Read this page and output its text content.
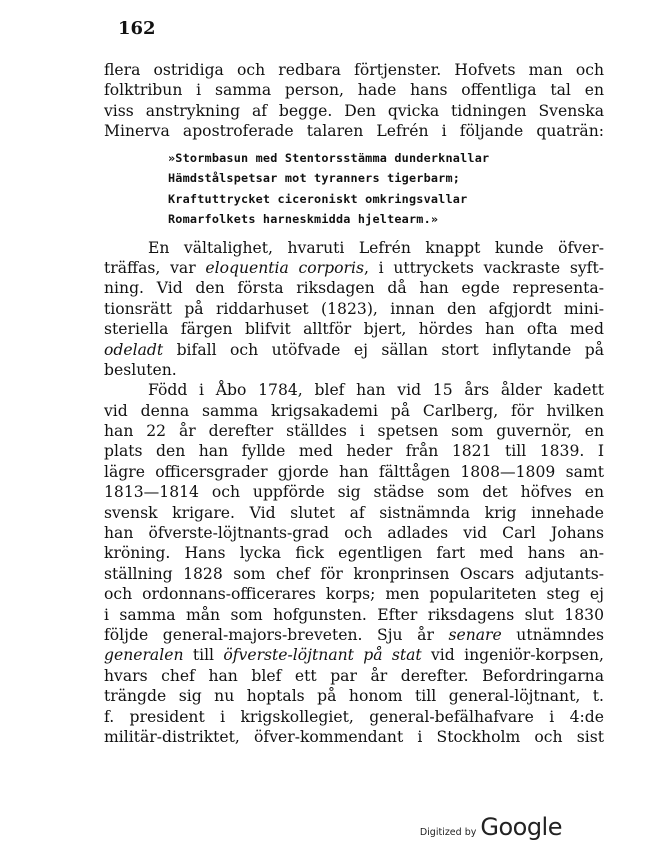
162
flera ostridiga och redbara förtjenster. Hofvets man och
folktribun i samma person, hade hans offentliga tal en
viss anstrykning af begge. Den qvicka tidningen Svenska
Minerva apostroferade talaren Lefrén i följande quaträn:
»Stormbasun med Stentorsstämma dunderknallar
Hämdstålspetsar mot tyranners tigerbarm;
Kraftuttrycket ciceroniskt omkringsvallar
Romarfolkets harneskmidda hjeltearm.»
En vältalighet, hvaruti Lefrén knappt kunde öfver-
träffas, var eloquentia corporis, i uttryckets vackraste syft-
ning. Vid den första riksdagen då han egde representa-
tionsrätt på riddarhuset (1823), innan den afgjordt mini-
steriella färgen blifvit alltför bjert, hördes han ofta med
odeladt bifall och utöfvade ej sällan stort inflytande på
besluten.
Född i Åbo 1784, blef han vid 15 års ålder kadett
vid denna samma krigsakademi på Carlberg, för hvilken
han 22 år derefter ställdes i spetsen som guvernör, en
plats den han fyllde med heder från 1821 till 1839. I
lägre officersgrader gjorde han fälttågen 1808—1809 samt
1813—1814 och uppförde sig städse som det höfves en
svensk krigare. Vid slutet af sistnämnda krig innehade
han öfverste-löjtnants-grad och adlades vid Carl Johans
kröning. Hans lycka fick egentligen fart med hans an-
ställning 1828 som chef för kronprinsen Oscars adjutants-
och ordonnans-officerares korps; men populariteten steg ej
i samma mån som hofgunsten. Efter riksdagens slut 1830
följde general-majors-breveten. Sju år senare utnämndes
generalen till öfverste-löjtnant på stat vid ingeniör-korpsen,
hvars chef han blef ett par år derefter. Befordringarna
trängde sig nu hoptals på honom till general-löjtnant, t.
f. president i krigskollegiet, general-befälhafvare i 4:de
militär-distriktet, öfver-kommendant i Stockholm och sist
Digitized by Google
